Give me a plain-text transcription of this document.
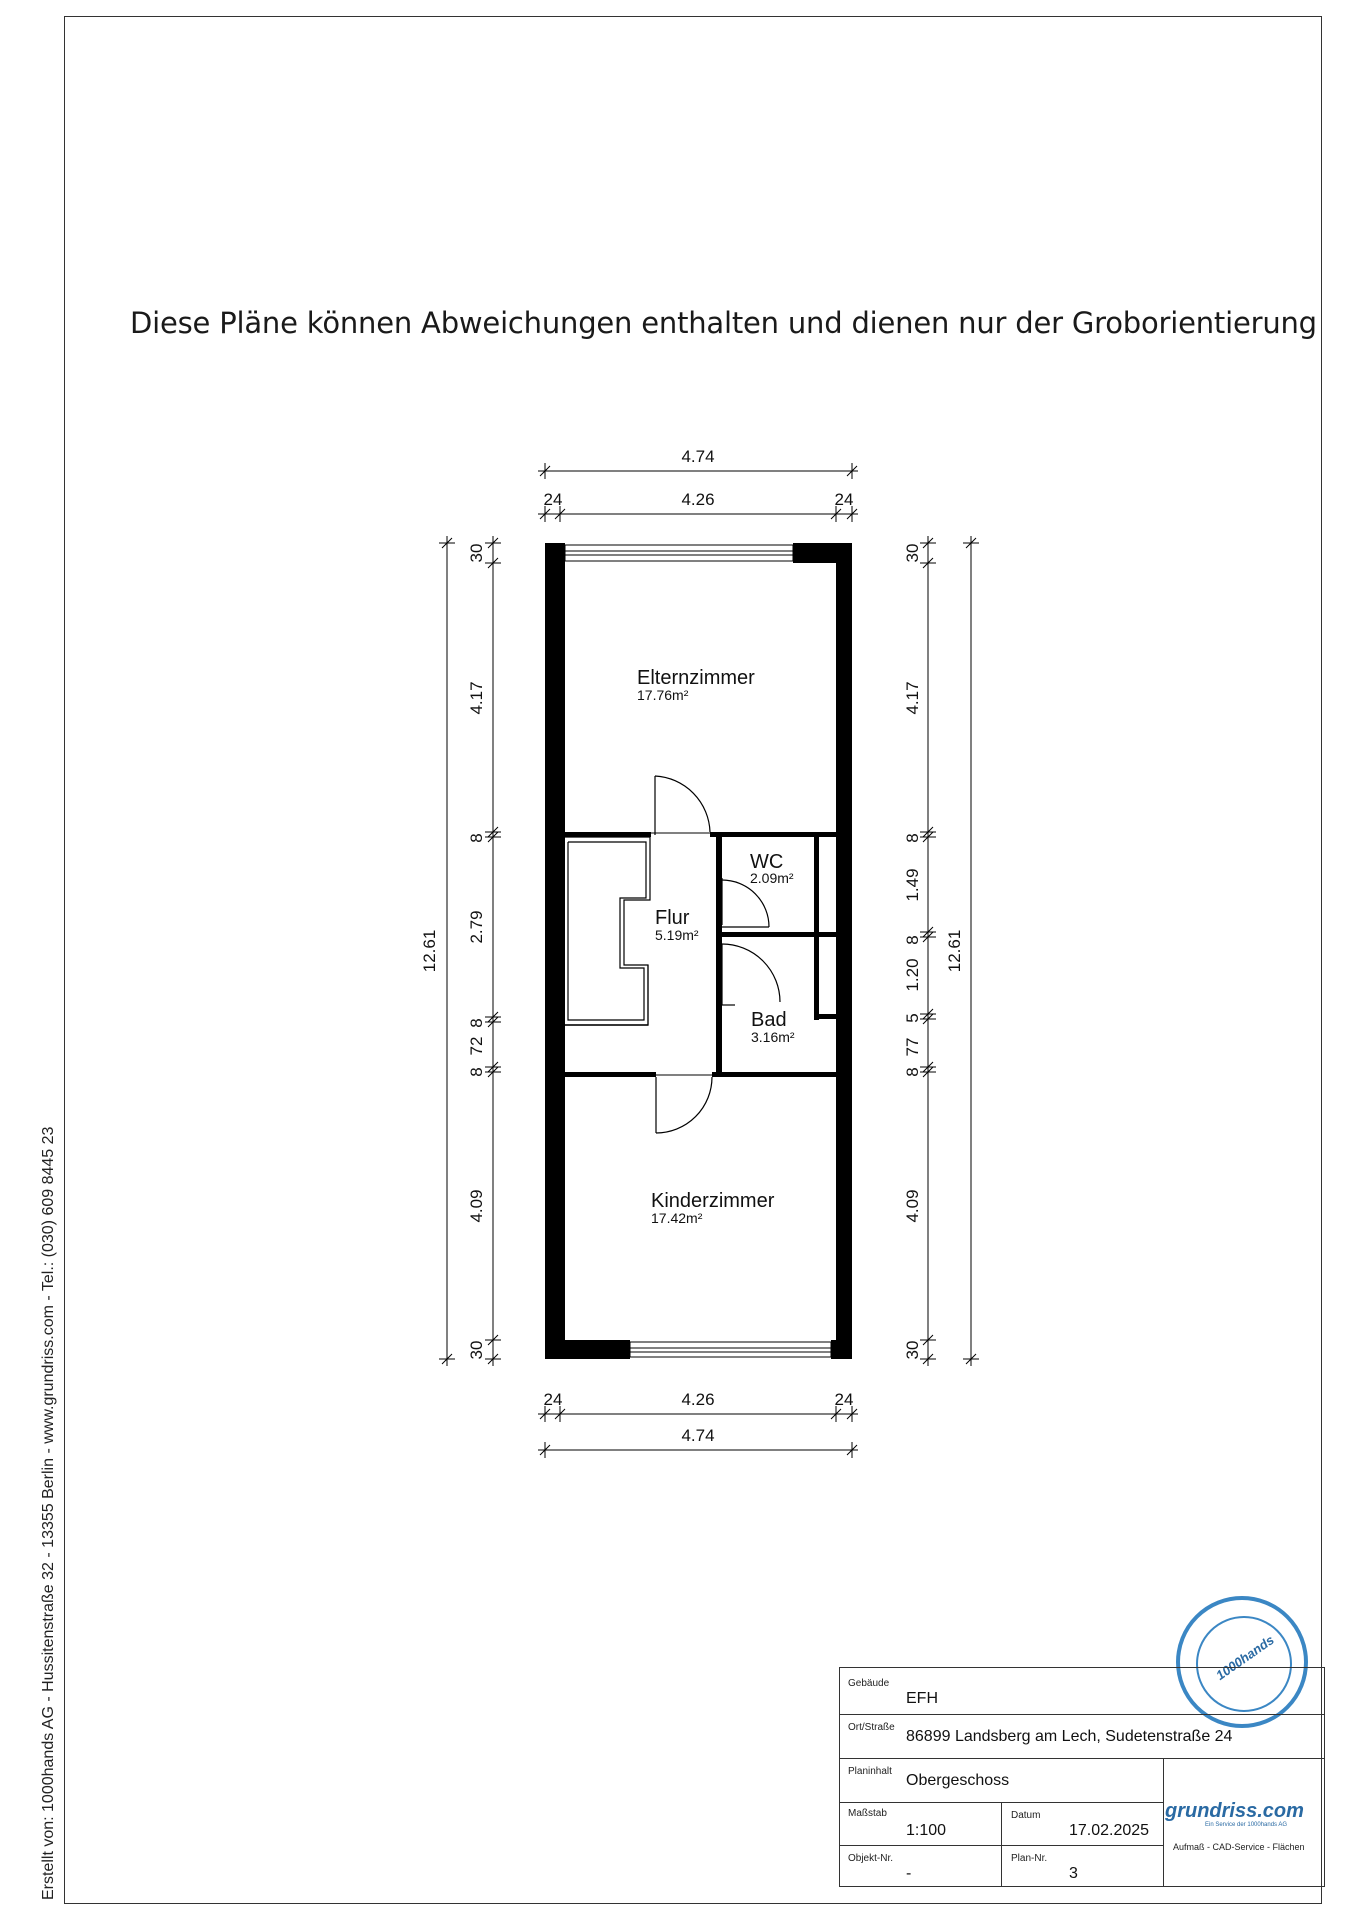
Diese Pläne können Abweichungen enthalten und dienen nur der Groborientierung
Erstellt von: 1000hands AG - Hussitenstraße 32 - 13355 Berlin - www.grundriss.com - Tel.: (030) 609 8445 23
Elternzimmer
17.76m²
Flur
5.19m²
WC
2.09m²
Bad
3.16m²
Kinderzimmer
17.42m²
4.74
24	4.26	24
24	4.26	24
4.74
12.61
30
4.17
8
2.79
8
72
8
4.09
30
30
4.17
8
1.49
8
1.20
5
77
8
4.09
30
12.61
1000hands
Gebäude
EFH
Ort/Straße
86899 Landsberg am Lech, Sudetenstraße 24
Planinhalt
Obergeschoss
Maßstab
1:100
Datum
17.02.2025
Objekt-Nr.
-
Plan-Nr.
3
grundriss.com
Ein Service der 1000hands AG
Aufmaß - CAD-Service - Flächen
